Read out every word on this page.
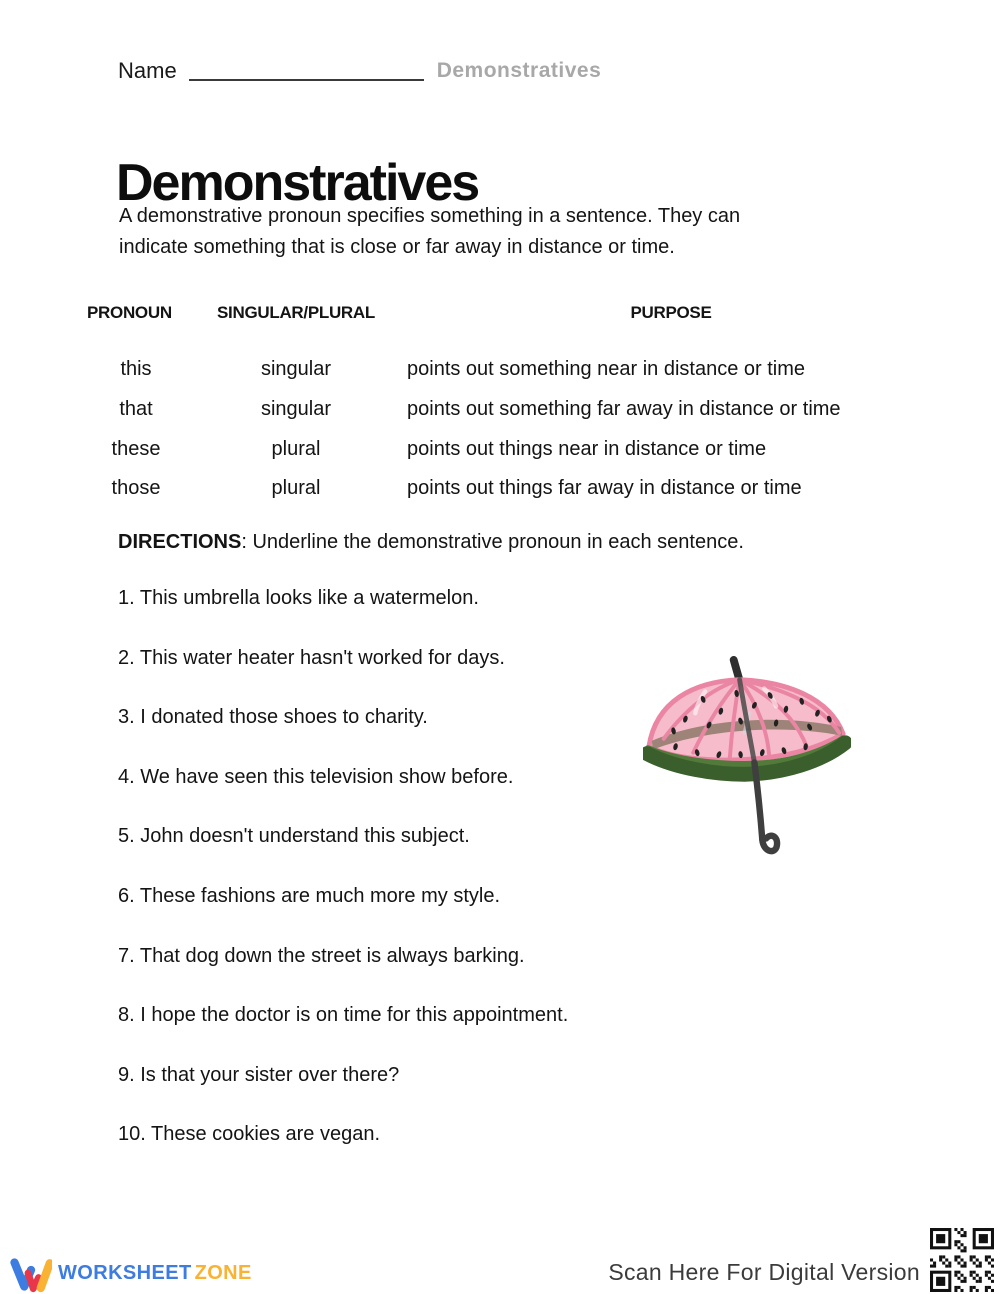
Name	Demonstratives
Demonstratives
A demonstrative pronoun specifies something in a sentence. They can
indicate something that is close or far away in distance or time.
PRONOUN	SINGULAR/PLURAL	PURPOSE
this	singular	points out something near in distance or time
that	singular	points out something far away in distance or time
these	plural	points out things near in distance or time
those	plural	points out things far away in distance or time
DIRECTIONS: Underline the demonstrative pronoun in each sentence.
1. This umbrella looks like a watermelon.
2. This water heater hasn't worked for days.
3. I donated those shoes to charity.
4. We have seen this television show before.
5. John doesn't understand this subject.
6. These fashions are much more my style.
7. That dog down the street is always barking.
8. I hope the doctor is on time for this appointment.
9. Is that your sister over there?
10. These cookies are vegan.
WORKSHEET ZONE	Scan Here For Digital Version
